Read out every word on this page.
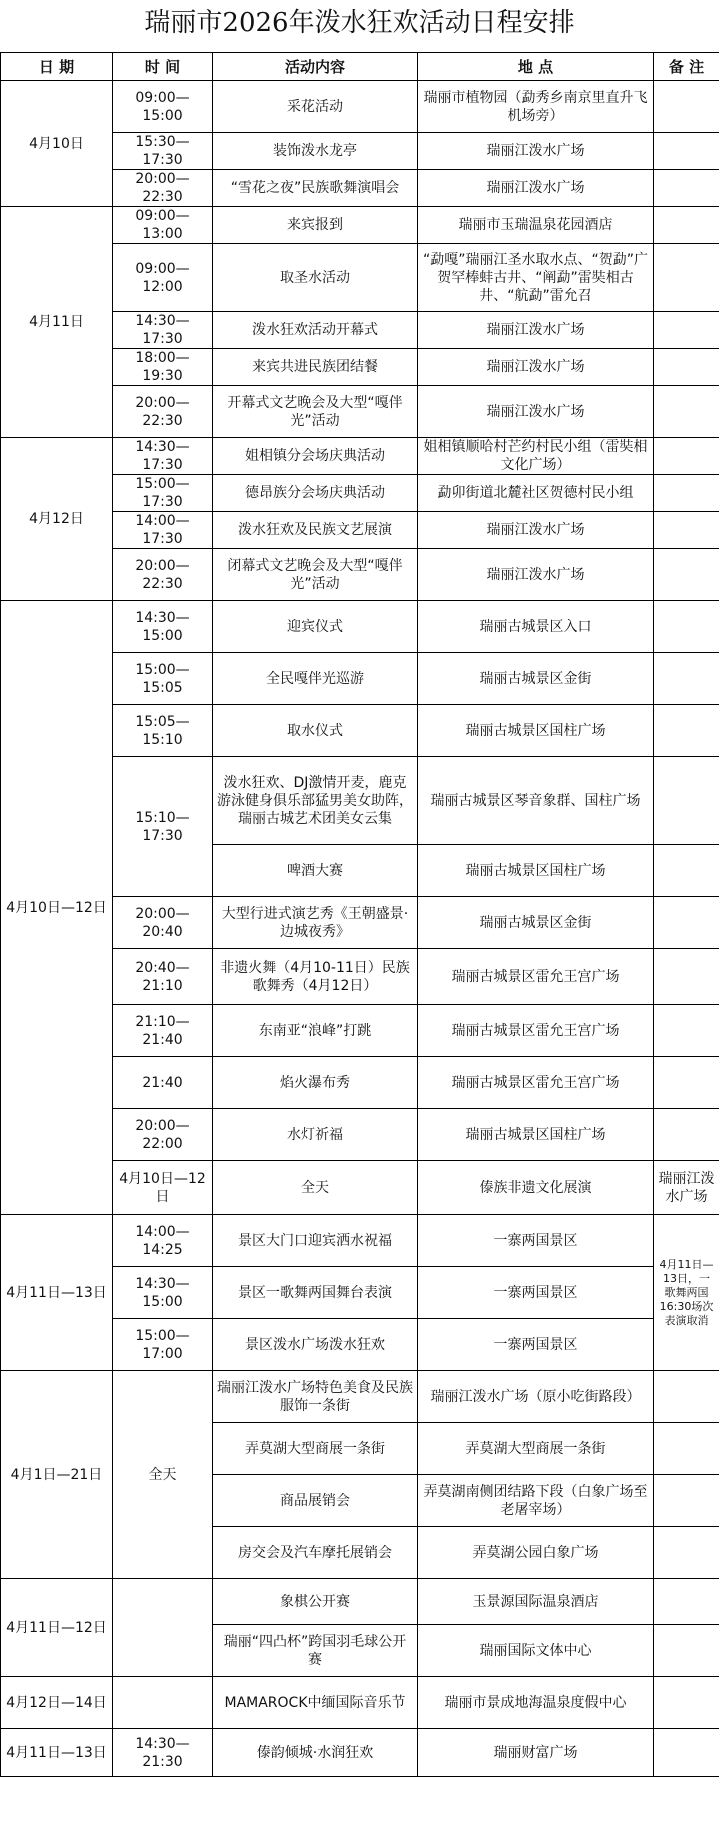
瑞丽市2026年泼水狂欢活动日程安排
日 期	时 间	活动内容	地 点	备 注	
4月10日	09:00—15:00	采花活动	瑞丽市植物园（勐秀乡南京里直升飞机场旁）		
	15:30—17:30	装饰泼水龙亭	瑞丽江泼水广场		
	20:00—22:30	“雪花之夜”民族歌舞演唱会	瑞丽江泼水广场		
4月11日	09:00—13:00	来宾报到	瑞丽市玉瑞温泉花园酒店		
	09:00—12:00	取圣水活动	“勐嘎”瑞丽江圣水取水点、“贺勐”广贺罕棒蚌古井、“阐勐”雷奘相古井、“航勐”雷允召		
	14:30—17:30	泼水狂欢活动开幕式	瑞丽江泼水广场		
	18:00—19:30	来宾共进民族团结餐	瑞丽江泼水广场		
	20:00—22:30	开幕式文艺晚会及大型“嘎伴光”活动	瑞丽江泼水广场		
4月12日	14:30—17:30	姐相镇分会场庆典活动	姐相镇顺哈村芒约村民小组（雷奘相文化广场）		
	15:00—17:30	德昂族分会场庆典活动	勐卯街道北麓社区贺德村民小组		
	14:00—17:30	泼水狂欢及民族文艺展演	瑞丽江泼水广场		
	20:00—22:30	闭幕式文艺晚会及大型“嘎伴光”活动	瑞丽江泼水广场		
4月10日—12日	14:30—15:00	迎宾仪式	瑞丽古城景区入口		
	15:00—15:05	全民嘎伴光巡游	瑞丽古城景区金街		
	15:05—15:10	取水仪式	瑞丽古城景区国柱广场		
	15:10—17:30	泼水狂欢、DJ激情开麦，鹿克游泳健身俱乐部猛男美女助阵，瑞丽古城艺术团美女云集	瑞丽古城景区琴音象群、国柱广场		
		啤酒大赛	瑞丽古城景区国柱广场		
	20:00—20:40	大型行进式演艺秀《王朝盛景·边城夜秀》	瑞丽古城景区金街		
	20:40—21:10	非遗火舞（4月10-11日）民族歌舞秀（4月12日）	瑞丽古城景区雷允王宫广场		
	21:10—21:40	东南亚“浪峰”打跳	瑞丽古城景区雷允王宫广场		
	21:40	焰火瀑布秀	瑞丽古城景区雷允王宫广场		
	20:00—22:00	水灯祈福	瑞丽古城景区国柱广场		
	4月10日—12日	全天	傣族非遗文化展演	瑞丽江泼水广场	
4月11日—13日	14:00—14:25	景区大门口迎宾洒水祝福	一寨两国景区	4月11日—13日，一歌舞两国16:30场次表演取消	
	14:30—15:00	景区一歌舞两国舞台表演	一寨两国景区		
	15:00—17:00	景区泼水广场泼水狂欢	一寨两国景区		
4月1日—21日	全天	瑞丽江泼水广场特色美食及民族服饰一条街	瑞丽江泼水广场（原小吃街路段）		
		弄莫湖大型商展一条街	弄莫湖大型商展一条街		
		商品展销会	弄莫湖南侧团结路下段（白象广场至老屠宰场）		
		房交会及汽车摩托展销会	弄莫湖公园白象广场		
4月11日—12日		象棋公开赛	玉景源国际温泉酒店		
		瑞丽“四凸杯”跨国羽毛球公开赛	瑞丽国际文体中心		
4月12日—14日		MAMAROCK中缅国际音乐节	瑞丽市景成地海温泉度假中心		
4月11日—13日	14:30—21:30	傣韵倾城·水润狂欢	瑞丽财富广场		
